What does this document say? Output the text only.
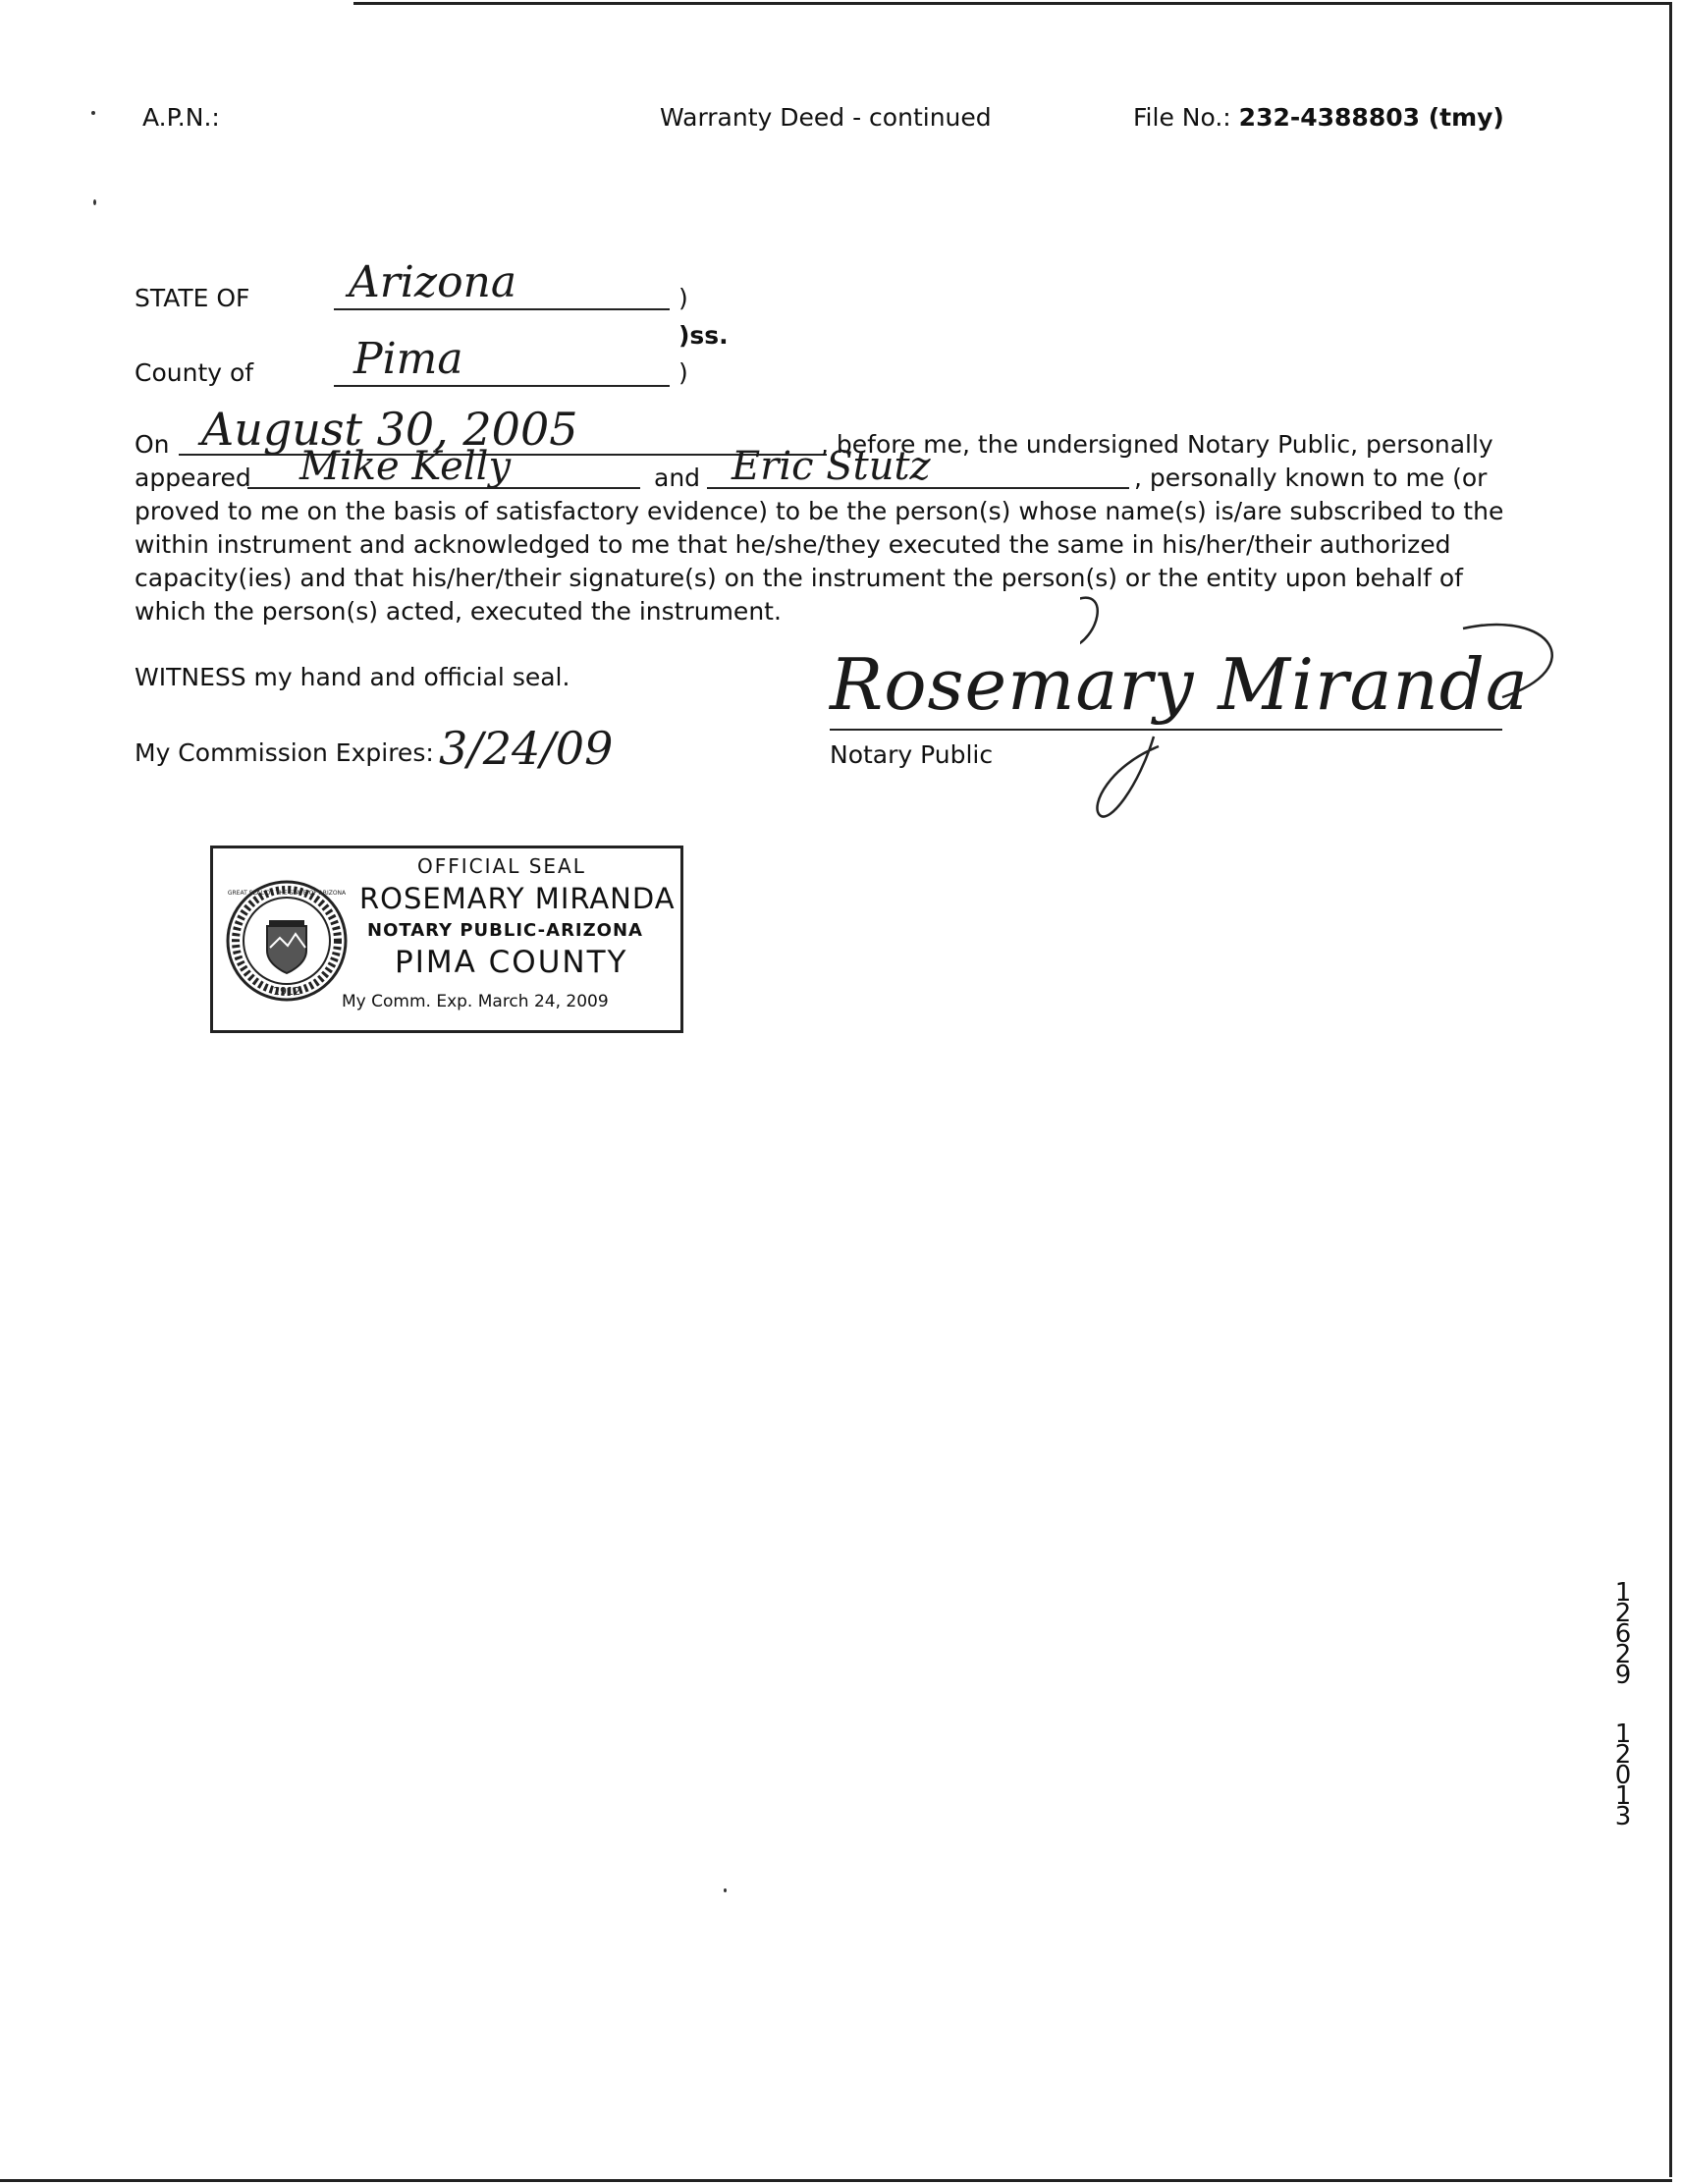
A.P.N.:	Warranty Deed - continued	File No.: 232-4388803 (tmy)
STATE OF Arizona	)
)ss.
County of Pima	)
On August 30, 2005	, before me, the undersigned Notary Public, personally
appeared Mike Kelly	and Eric Stutz	, personally known to me (or
proved to me on the basis of satisfactory evidence) to be the person(s) whose name(s) is/are subscribed to the within instrument and acknowledged to me that he/she/they executed the same in his/her/their authorized capacity(ies) and that his/her/their signature(s) on the instrument the person(s) or the entity upon behalf of which the person(s) acted, executed the instrument.
WITNESS my hand and official seal.
My Commission Expires: 3/24/09
Rosemary Miranda
Notary Public
1912
GREAT SEAL OF THE STATE OF ARIZONA
OFFICIAL SEAL
ROSEMARY MIRANDA
NOTARY PUBLIC-ARIZONA
PIMA COUNTY
My Comm. Exp. March 24, 2009
12629
12013
